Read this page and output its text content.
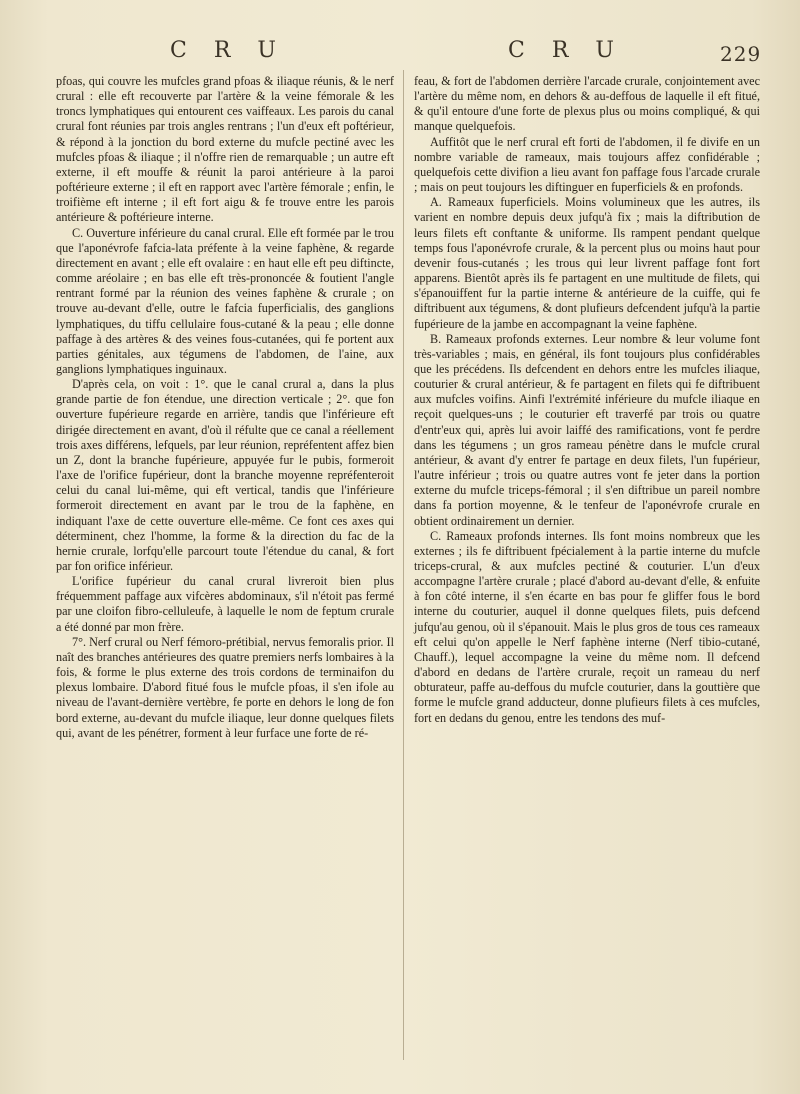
C R U	C R U	229

pfoas, qui couvre les mufcles grand pfoas & iliaque réunis, & le nerf crural : elle eft recouverte par l'artère & la veine fémorale & les troncs lymphatiques qui entourent ces vaiffeaux. Les parois du canal crural font réunies par trois angles rentrans ; l'un d'eux eft poftérieur, & répond à la jonction du bord externe du mufcle pectiné avec les mufcles pfoas & iliaque ; il n'offre rien de remarquable ; un autre eft externe, il eft mouffe & réunit la paroi antérieure à la paroi poftérieure externe ; il eft en rapport avec l'artère fémorale ; enfin, le troifième eft interne ; il eft fort aigu & fe trouve entre les parois antérieure & poftérieure interne.

C. Ouverture inférieure du canal crural. Elle eft formée par le trou que l'aponévrofe fafcia-lata préfente à la veine faphène, & regarde directement en avant ; elle eft ovalaire : en haut elle eft peu diftincte, comme aréolaire ; en bas elle eft très-prononcée & foutient l'angle rentrant formé par la réunion des veines faphène & crurale ; on trouve au-devant d'elle, outre le fafcia fuperficialis, des ganglions lymphatiques, du tiffu cellulaire fous-cutané & la peau ; elle donne paffage à des artères & des veines fous-cutanées, qui fe portent aux parties génitales, aux tégumens de l'abdomen, de l'aine, aux ganglions lymphatiques inguinaux.

D'après cela, on voit : 1°. que le canal crural a, dans la plus grande partie de fon étendue, une direction verticale ; 2°. que fon ouverture fupérieure regarde en arrière, tandis que l'inférieure eft dirigée directement en avant, d'où il réfulte que ce canal a réellement trois axes différens, lefquels, par leur réunion, repréfentent affez bien un Z, dont la branche fupérieure, appuyée fur le pubis, formeroit l'axe de l'orifice fupérieur, dont la branche moyenne repréfenteroit celui du canal lui-même, qui eft vertical, tandis que l'inférieure formeroit directement en avant par le trou de la faphène, en indiquant l'axe de cette ouverture elle-même. Ce font ces axes qui déterminent, chez l'homme, la forme & la direction du fac de la hernie crurale, lorfqu'elle parcourt toute l'étendue du canal, & fort par fon orifice inférieur.

L'orifice fupérieur du canal crural livreroit bien plus fréquemment paffage aux vifcères abdominaux, s'il n'étoit pas fermé par une cloifon fibro-celluleufe, à laquelle le nom de feptum crurale a été donné par mon frère.

7°. Nerf crural ou Nerf fémoro-prétibial, nervus femoralis prior. Il naît des branches antérieures des quatre premiers nerfs lombaires à la fois, & forme le plus externe des trois cordons de terminaifon du plexus lombaire. D'abord fitué fous le mufcle pfoas, il s'en ifole au niveau de l'avant-dernière vertèbre, fe porte en dehors le long de fon bord externe, au-devant du mufcle iliaque, leur donne quelques filets qui, avant de les pénétrer, forment à leur furface une forte de ré-

feau, & fort de l'abdomen derrière l'arcade crurale, conjointement avec l'artère du même nom, en dehors & au-deffous de laquelle il eft fitué, & qu'il entoure d'une forte de plexus plus ou moins compliqué, & qui manque quelquefois.

Auffitôt que le nerf crural eft forti de l'abdomen, il fe divife en un nombre variable de rameaux, mais toujours affez confidérable ; quelquefois cette divifion a lieu avant fon paffage fous l'arcade crurale ; mais on peut toujours les diftinguer en fuperficiels & en profonds.

A. Rameaux fuperficiels. Moins volumineux que les autres, ils varient en nombre depuis deux jufqu'à fix ; mais la diftribution de leurs filets eft conftante & uniforme. Ils rampent pendant quelque temps fous l'aponévrofe crurale, & la percent plus ou moins haut pour devenir fous-cutanés ; les trous qui leur livrent paffage font fort apparens. Bientôt après ils fe partagent en une multitude de filets, qui s'épanouiffent fur la partie interne & antérieure de la cuiffe, qui fe diftribuent aux tégumens, & dont plufieurs defcendent jufqu'à la partie fupérieure de la jambe en accompagnant la veine faphène.

B. Rameaux profonds externes. Leur nombre & leur volume font très-variables ; mais, en général, ils font toujours plus confidérables que les précédens. Ils defcendent en dehors entre les mufcles iliaque, couturier & crural antérieur, & fe partagent en filets qui fe diftribuent aux mufcles voifins. Ainfi l'extrémité inférieure du mufcle iliaque en reçoit quelques-uns ; le couturier eft traverfé par trois ou quatre d'entr'eux qui, après lui avoir laiffé des ramifications, vont fe perdre dans les tégumens ; un gros rameau pénètre dans le mufcle crural antérieur, & avant d'y entrer fe partage en deux filets, l'un fupérieur, l'autre inférieur ; trois ou quatre autres vont fe jeter dans la portion externe du mufcle triceps-fémoral ; il s'en diftribue un pareil nombre dans fa portion moyenne, & le tenfeur de l'aponévrofe crurale en obtient ordinairement un dernier.

C. Rameaux profonds internes. Ils font moins nombreux que les externes ; ils fe diftribuent fpécialement à la partie interne du mufcle triceps-crural, & aux mufcles pectiné & couturier. L'un d'eux accompagne l'artère crurale ; placé d'abord au-devant d'elle, & enfuite à fon côté interne, il s'en écarte en bas pour fe gliffer fous le bord interne du couturier, auquel il donne quelques filets, puis defcend jufqu'au genou, où il s'épanouit. Mais le plus gros de tous ces rameaux eft celui qu'on appelle le Nerf faphène interne (Nerf tibio-cutané, Chauff.), lequel accompagne la veine du même nom. Il defcend d'abord en dedans de l'artère crurale, reçoit un rameau du nerf obturateur, paffe au-deffous du mufcle couturier, dans la gouttière que forme le mufcle grand adducteur, donne plufieurs filets à ces mufcles, fort en dedans du genou, entre les tendons des muf-
